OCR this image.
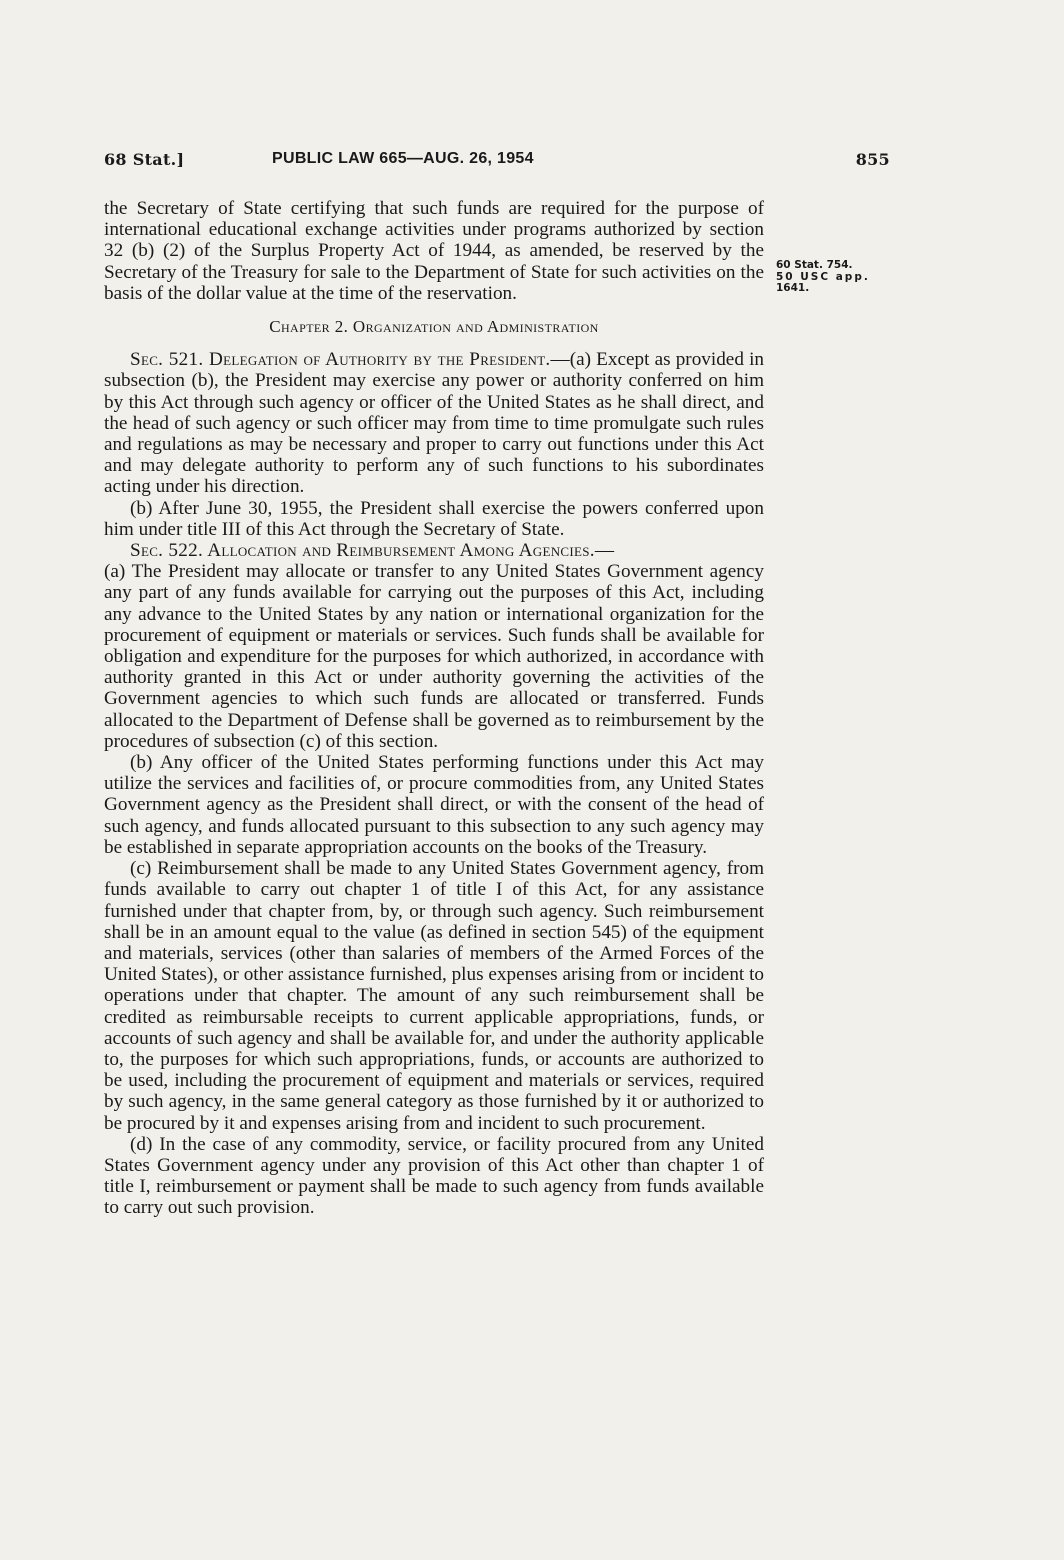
68 Stat.]	PUBLIC LAW 665—AUG. 26, 1954	855
60 Stat. 754.
50 USC app.
1641.

the Secretary of State certifying that such funds are required for the purpose of international educational exchange activities under programs authorized by section 32 (b) (2) of the Surplus Property Act of 1944, as amended, be reserved by the Secretary of the Treasury for sale to the Department of State for such activities on the basis of the dollar value at the time of the reservation.

Chapter 2. Organization and Administration

Sec. 521. Delegation of Authority by the President.—(a) Except as provided in subsection (b), the President may exercise any power or authority conferred on him by this Act through such agency or officer of the United States as he shall direct, and the head of such agency or such officer may from time to time promulgate such rules and regulations as may be necessary and proper to carry out functions under this Act and may delegate authority to perform any of such functions to his subordinates acting under his direction.

(b) After June 30, 1955, the President shall exercise the powers conferred upon him under title III of this Act through the Secretary of State.

Sec. 522. Allocation and Reimbursement Among Agencies.—

(a) The President may allocate or transfer to any United States Government agency any part of any funds available for carrying out the purposes of this Act, including any advance to the United States by any nation or international organization for the procurement of equipment or materials or services. Such funds shall be available for obligation and expenditure for the purposes for which authorized, in accordance with authority granted in this Act or under authority governing the activities of the Government agencies to which such funds are allocated or transferred. Funds allocated to the Department of Defense shall be governed as to reimbursement by the procedures of subsection (c) of this section.

(b) Any officer of the United States performing functions under this Act may utilize the services and facilities of, or procure commodities from, any United States Government agency as the President shall direct, or with the consent of the head of such agency, and funds allocated pursuant to this subsection to any such agency may be established in separate appropriation accounts on the books of the Treasury.

(c) Reimbursement shall be made to any United States Government agency, from funds available to carry out chapter 1 of title I of this Act, for any assistance furnished under that chapter from, by, or through such agency. Such reimbursement shall be in an amount equal to the value (as defined in section 545) of the equipment and materials, services (other than salaries of members of the Armed Forces of the United States), or other assistance furnished, plus expenses arising from or incident to operations under that chapter. The amount of any such reimbursement shall be credited as reimbursable receipts to current applicable appropriations, funds, or accounts of such agency and shall be available for, and under the authority applicable to, the purposes for which such appropriations, funds, or accounts are authorized to be used, including the procurement of equipment and materials or services, required by such agency, in the same general category as those furnished by it or authorized to be procured by it and expenses arising from and incident to such procurement.

(d) In the case of any commodity, service, or facility procured from any United States Government agency under any provision of this Act other than chapter 1 of title I, reimbursement or payment shall be made to such agency from funds available to carry out such provision.
